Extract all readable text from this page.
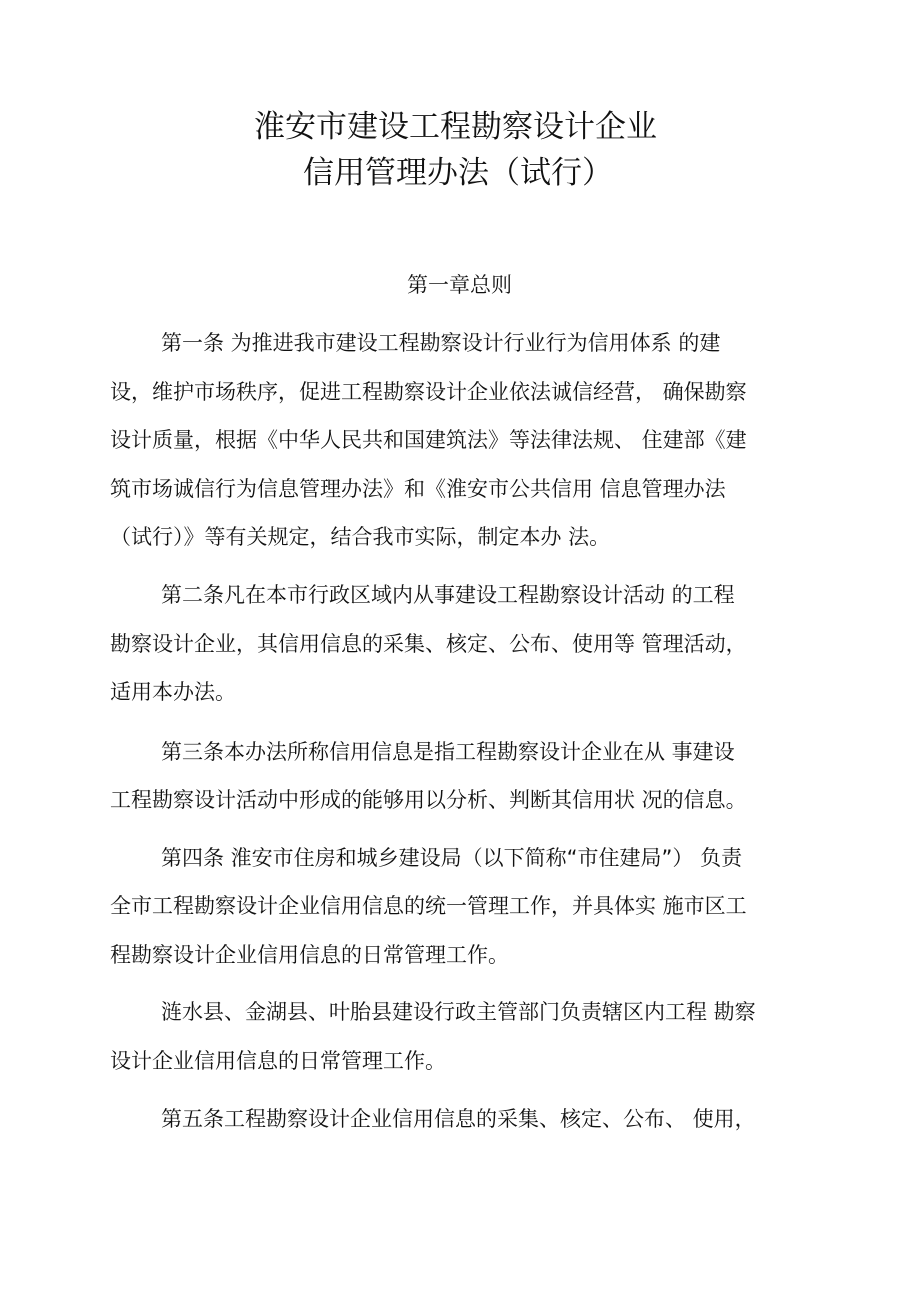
淮安市建设工程勘察设计企业
信用管理办法（试行）
第一章总则
第一条 为推进我市建设工程勘察设计行业行为信用体系 的建
设，维护市场秩序，促进工程勘察设计企业依法诚信经营， 确保勘察
设计质量，根据《中华人民共和国建筑法》等法律法规、 住建部《建
筑市场诚信行为信息管理办法》和《淮安市公共信用 信息管理办法
（试行）》等有关规定，结合我市实际，制定本办 法。
第二条凡在本市行政区域内从事建设工程勘察设计活动 的工程
勘察设计企业，其信用信息的采集、核定、公布、使用等 管理活动，
适用本办法。
第三条本办法所称信用信息是指工程勘察设计企业在从 事建设
工程勘察设计活动中形成的能够用以分析、判断其信用状 况的信息。
第四条 淮安市住房和城乡建设局（以下简称“市住建局”） 负责
全市工程勘察设计企业信用信息的统一管理工作，并具体实 施市区工
程勘察设计企业信用信息的日常管理工作。
涟水县、金湖县、叶胎县建设行政主管部门负责辖区内工程 勘察
设计企业信用信息的日常管理工作。
第五条工程勘察设计企业信用信息的采集、核定、公布、 使用，
